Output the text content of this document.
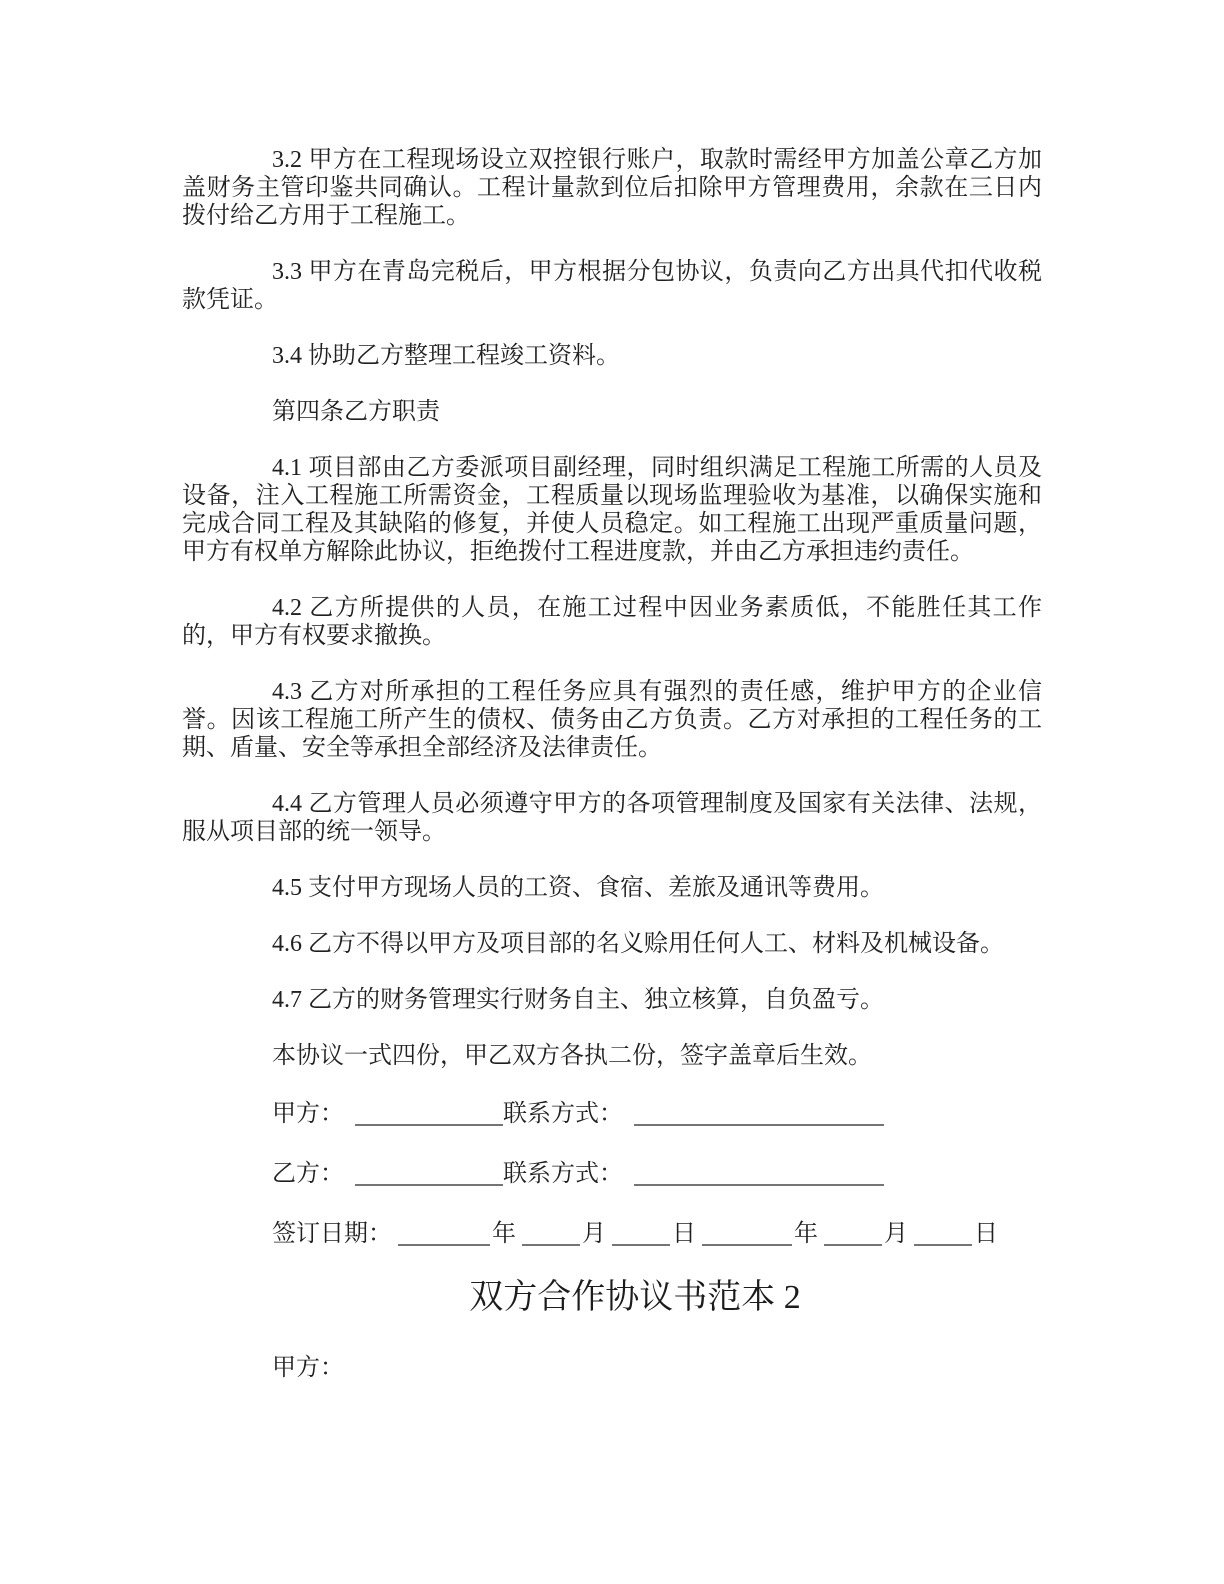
3.2 甲方在工程现场设立双控银行账户，取款时需经甲方加盖公章乙方加盖财务主管印鉴共同确认。工程计量款到位后扣除甲方管理费用，余款在三日内拨付给乙方用于工程施工。

3.3 甲方在青岛完税后，甲方根据分包协议，负责向乙方出具代扣代收税款凭证。

3.4 协助乙方整理工程竣工资料。

第四条乙方职责

4.1 项目部由乙方委派项目副经理，同时组织满足工程施工所需的人员及设备，注入工程施工所需资金，工程质量以现场监理验收为基准，以确保实施和完成合同工程及其缺陷的修复，并使人员稳定。如工程施工出现严重质量问题，甲方有权单方解除此协议，拒绝拨付工程进度款，并由乙方承担违约责任。

4.2 乙方所提供的人员，在施工过程中因业务素质低，不能胜任其工作的，甲方有权要求撤换。

4.3 乙方对所承担的工程任务应具有强烈的责任感，维护甲方的企业信誉。因该工程施工所产生的债权、债务由乙方负责。乙方对承担的工程任务的工期、盾量、安全等承担全部经济及法律责任。

4.4 乙方管理人员必须遵守甲方的各项管理制度及国家有关法律、法规，服从项目部的统一领导。

4.5 支付甲方现场人员的工资、食宿、差旅及通讯等费用。

4.6 乙方不得以甲方及项目部的名义赊用任何人工、材料及机械设备。

4.7 乙方的财务管理实行财务自主、独立核算，自负盈亏。

本协议一式四份，甲乙双方各执二份，签字盖章后生效。

甲方：	联系方式：
乙方：	联系方式：
签订日期：	年	月	日	年	月	日
双方合作协议书范本 2

甲方：
